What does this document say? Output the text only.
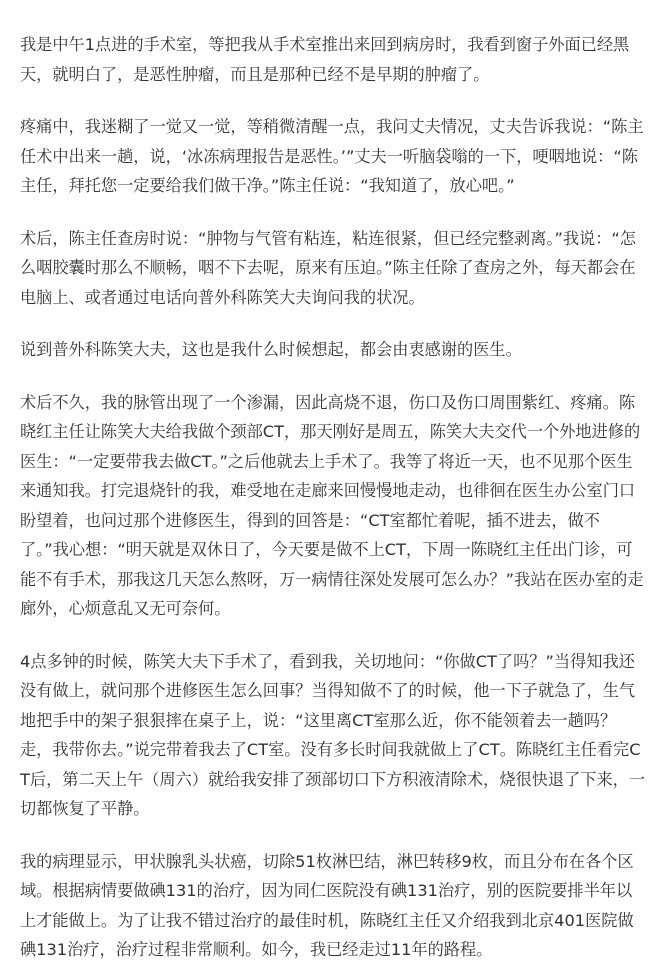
我是中午1点进的手术室，等把我从手术室推出来回到病房时，我看到窗子外面已经黑天，就明白了，是恶性肿瘤，而且是那种已经不是早期的肿瘤了。

疼痛中，我迷糊了一觉又一觉，等稍微清醒一点，我问丈夫情况，丈夫告诉我说：“陈主任术中出来一趟，说，‘冰冻病理报告是恶性。’”丈夫一听脑袋嗡的一下，哽咽地说：“陈主任，拜托您一定要给我们做干净。”陈主任说：“我知道了，放心吧。”

术后，陈主任查房时说：“肿物与气管有粘连，粘连很紧，但已经完整剥离。”我说：“怎么咽胶囊时那么不顺畅，咽不下去呢，原来有压迫。”陈主任除了查房之外，每天都会在电脑上、或者通过电话向普外科陈笑大夫询问我的状况。

说到普外科陈笑大夫，这也是我什么时候想起，都会由衷感谢的医生。

术后不久，我的脉管出现了一个渗漏，因此高烧不退，伤口及伤口周围紫红、疼痛。陈晓红主任让陈笑大夫给我做个颈部CT，那天刚好是周五，陈笑大夫交代一个外地进修的医生：“一定要带我去做CT。”之后他就去上手术了。我等了将近一天，也不见那个医生来通知我。打完退烧针的我，难受地在走廊来回慢慢地走动，也徘徊在医生办公室门口盼望着，也问过那个进修医生，得到的回答是：“CT室都忙着呢，插不进去，做不了。”我心想：“明天就是双休日了，今天要是做不上CT，下周一陈晓红主任出门诊，可能不有手术，那我这几天怎么熬呀，万一病情往深处发展可怎么办？”我站在医办室的走廊外，心烦意乱又无可奈何。

4点多钟的时候，陈笑大夫下手术了，看到我，关切地问：“你做CT了吗？”当得知我还没有做上，就问那个进修医生怎么回事？当得知做不了的时候，他一下子就急了，生气地把手中的架子狠狠摔在桌子上，说：“这里离CT室那么近，你不能领着去一趟吗？走，我带你去。”说完带着我去了CT室。没有多长时间我就做上了CT。陈晓红主任看完CT后，第二天上午（周六）就给我安排了颈部切口下方积液清除术，烧很快退了下来，一切都恢复了平静。

我的病理显示，甲状腺乳头状癌，切除51枚淋巴结，淋巴转移9枚，而且分布在各个区域。根据病情要做碘131的治疗，因为同仁医院没有碘131治疗，别的医院要排半年以上才能做上。为了让我不错过治疗的最佳时机，陈晓红主任又介绍我到北京401医院做碘131治疗，治疗过程非常顺利。如今，我已经走过11年的路程。
